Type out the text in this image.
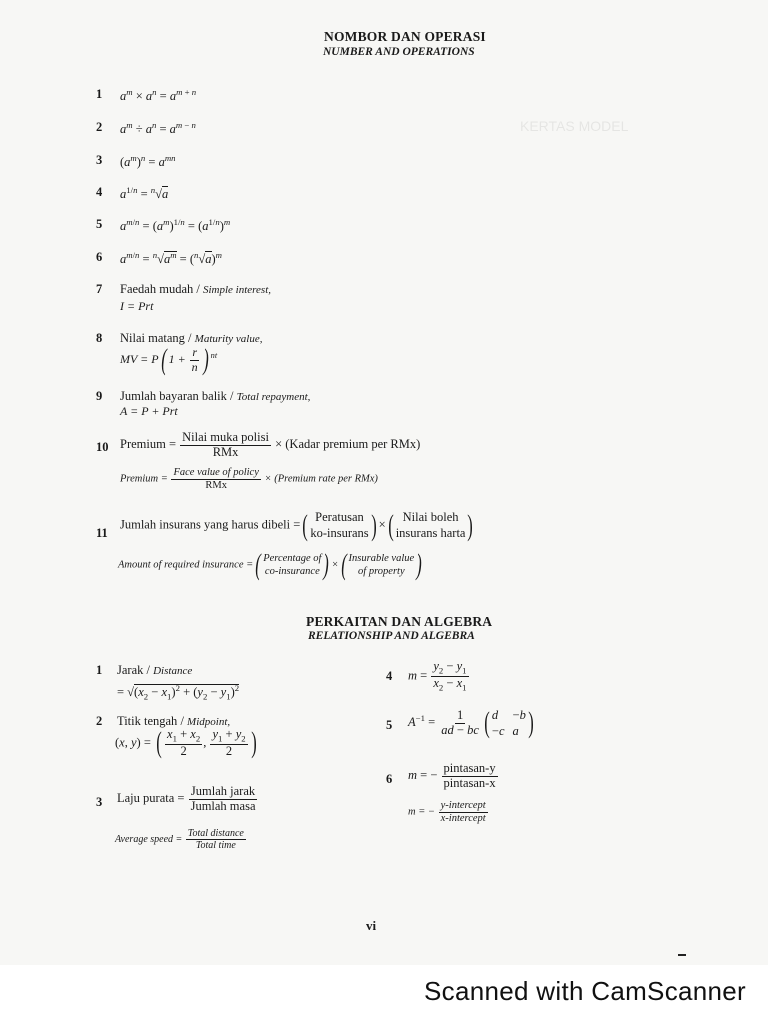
KERTAS MODEL
NOMBOR DAN OPERASI
NUMBER AND OPERATIONS
1 $a^m \times a^n = a^{m + n}$
2 $a^m \div a^n = a^{m - n}$
3 $(a^m)^n = a^{mn}$
4 $a^{1/n} = ^n√a$
5 $a^{m/n} = (a^m)^{1/n} = (a^{1/n})^m$
6 $a^{m/n} = ^n√a^m = (^n√a)^m$
7 Faedah mudah / Simple interest,
I = Prt
8 Nilai matang / Maturity value,
MV = P( $1 + \frac{r}{n}$ ) $^{nt}$
9 Jumlah bayaran balik / Total repayment,
A = P + Prt
10 Premium = $\frac{\text{Nilai muka polisi}}{\text{RMx}}$ × (Kadar premium per RMx)
Premium = $\frac{\text{Face value of policy}}{\text{RMx}}$ × (Premium rate per RMx)
11
Jumlah insurans yang harus dibeli =( Peratusan
ko-insurans ) ×( Nilai boleh
insurans harta )
Amount of required insurance =( Percentage of
co-insurance ) ×( Insurable value
of property )
PERKAITAN DAN ALGEBRA
RELATIONSHIP AND ALGEBRA
1 Jarak / Distance
= $√(x_2 - x_1)^2 + (y_2 - y_1)^2$
2 Titik tengah / Midpoint,
(x, y) = ( $\frac{x_1 + x_2}{2}$ , $\frac{y_1 + y_2}{2}$ )
3 Laju purata = $\frac{\text{Jumlah jarak}}{\text{Jumlah masa}}$
Average speed = $\frac{\text{Total distance}}{\text{Total time}}$
4 $m = \frac{y_2 - y_1}{x_2 - x_1}$
5 $A^{-1} = \frac{1}{ad - bc}$ ( d	−b
−c a )
6 m = − $\frac{\text{pintasan-y}}{\text{pintasan-x}}$
m = − $\frac{\text{y-intercept}}{\text{x-intercept}}$
vi
Scanned with CamScanner
